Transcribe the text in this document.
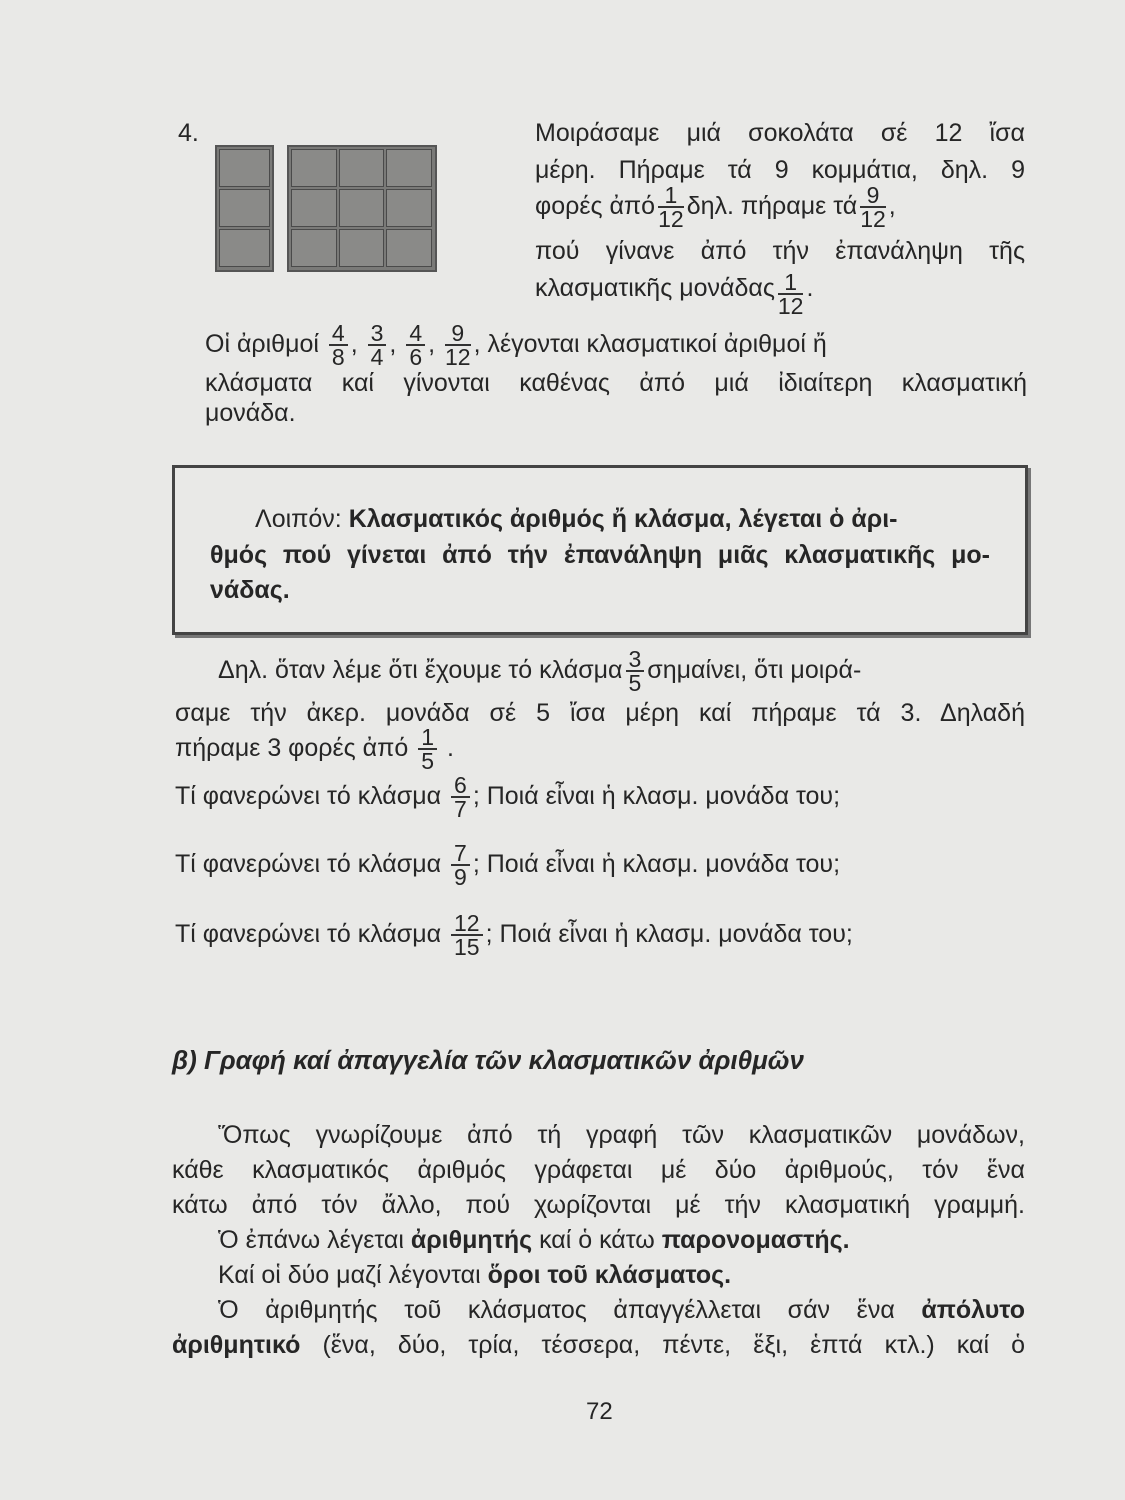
4.	Μοιράσαμε μιά σοκολάτα σέ 12 ἴσα
μέρη. Πήραμε τά 9 κομμάτια, δηλ. 9
φορές ἀπό $\frac{1}{12} \delta\eta\lambda$. πήραμε τά $\frac{9}{12}$ ,
πού γίνανε ἀπό τήν ἐπανάληψη τῆς
κλασματικῆς μονάδας $\frac{1}{12}$ .
Οἱ ἀριθμοί $\frac{4}{8}$ , $\frac{3}{4}$ , $\frac{4}{6}$ , $\frac{9}{12}$ , λέγονται κλασματικοί ἀριθμοί ἤ
κλάσματα καί γίνονται καθένας ἀπό μιά ἰδιαίτερη κλασματική
μονάδα.
Λοιπόν: Κλασματικός ἀριθμός ἤ κλάσμα, λέγεται ὁ ἀρι-
θμός πού γίνεται ἀπό τήν ἐπανάληψη μιᾶς κλασματικῆς μο-
νάδας.
Δηλ. ὅταν λέμε ὅτι ἔχουμε τό κλάσμα $\frac{3}{5} \sigma\eta\mu\alpha ί\nu\varepsilon\iota$, ὅτι μοιρά-
σαμε τήν ἀκερ. μονάδα σέ 5 ἴσα μέρη καί πήραμε τά 3. Δηλαδή
πήραμε 3 φορές ἀπό $\frac{1}{5}$ .
Τί φανερώνει τό κλάσμα $\frac{6}{7}$ ; Ποιά εἶναι ἡ κλασμ. μονάδα του;
Τί φανερώνει τό κλάσμα $\frac{7}{9}$ ; Ποιά εἶναι ἡ κλασμ. μονάδα του;
Τί φανερώνει τό κλάσμα $\frac{12}{15}$ ; Ποιά εἶναι ἡ κλασμ. μονάδα του;
β) Γραφή καί ἀπαγγελία τῶν κλασματικῶν ἀριθμῶν
Ὅπως γνωρίζουμε ἀπό τή γραφή τῶν κλασματικῶν μονάδων,
κάθε κλασματικός ἀριθμός γράφεται μέ δύο ἀριθμούς, τόν ἕνα
κάτω ἀπό τόν ἄλλο, πού χωρίζονται μέ τήν κλασματική γραμμή.
Ὁ ἐπάνω λέγεται ἀριθμητής καί ὁ κάτω παρονομαστής.
Καί οἱ δύο μαζί λέγονται ὅροι τοῦ κλάσματος.
Ὁ ἀριθμητής τοῦ κλάσματος ἀπαγγέλλεται σάν ἕνα ἀπόλυτο
ἀριθμητικό (ἕνα, δύο, τρία, τέσσερα, πέντε, ἕξι, ἑπτά κτλ.) καί ὁ
72
